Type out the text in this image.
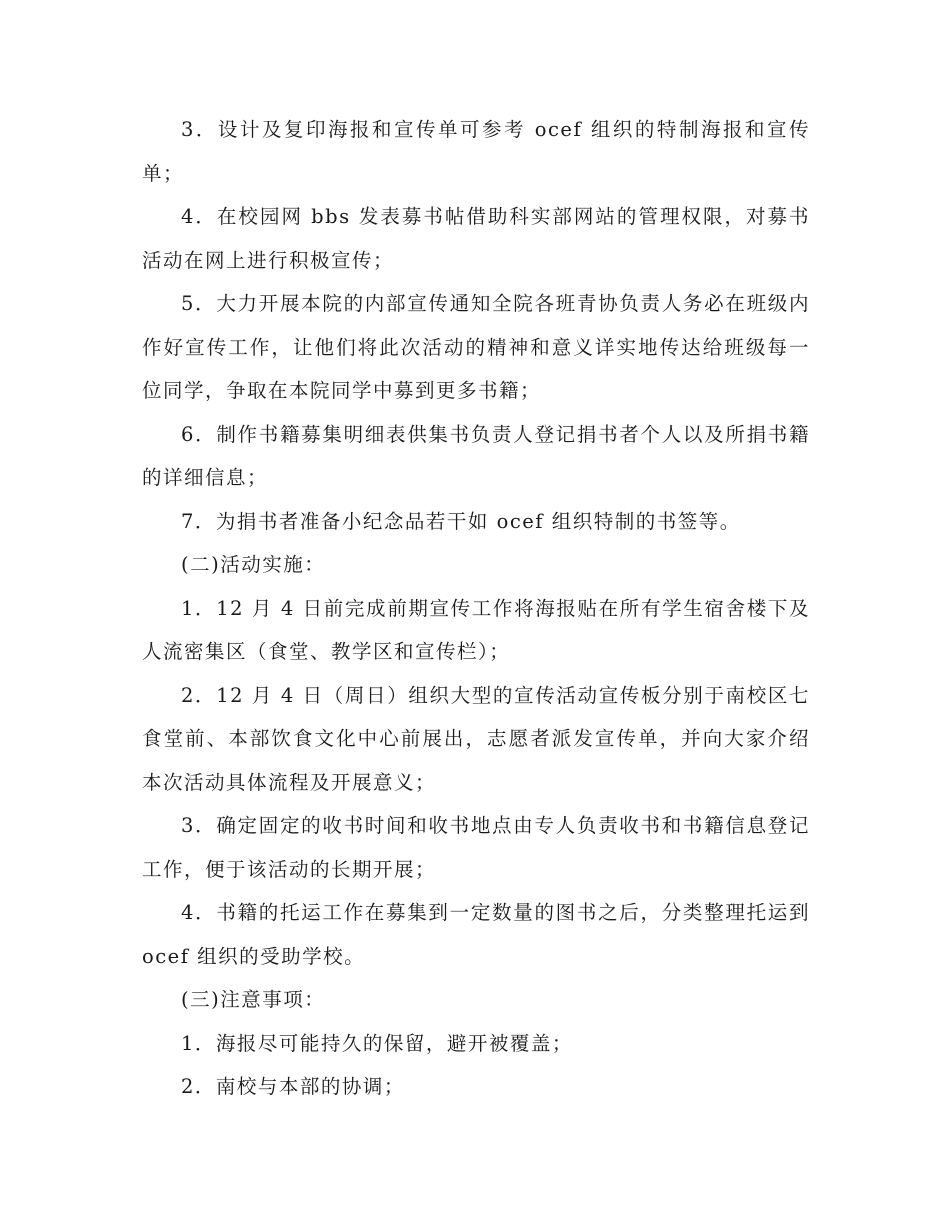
3．设计及复印海报和宣传单可参考 ocef 组织的特制海报和宣传单；

4．在校园网 bbs 发表募书帖借助科实部网站的管理权限，对募书活动在网上进行积极宣传；

5．大力开展本院的内部宣传通知全院各班青协负责人务必在班级内作好宣传工作，让他们将此次活动的精神和意义详实地传达给班级每一位同学，争取在本院同学中募到更多书籍；

6．制作书籍募集明细表供集书负责人登记捐书者个人以及所捐书籍的详细信息；

7．为捐书者准备小纪念品若干如 ocef 组织特制的书签等。

(二)活动实施：

1．12 月 4 日前完成前期宣传工作将海报贴在所有学生宿舍楼下及人流密集区（食堂、教学区和宣传栏）；

2．12 月 4 日（周日）组织大型的宣传活动宣传板分别于南校区七食堂前、本部饮食文化中心前展出，志愿者派发宣传单，并向大家介绍本次活动具体流程及开展意义；

3．确定固定的收书时间和收书地点由专人负责收书和书籍信息登记工作，便于该活动的长期开展；

4．书籍的托运工作在募集到一定数量的图书之后，分类整理托运到 ocef 组织的受助学校。

(三)注意事项：

1．海报尽可能持久的保留，避开被覆盖；

2．南校与本部的协调；
